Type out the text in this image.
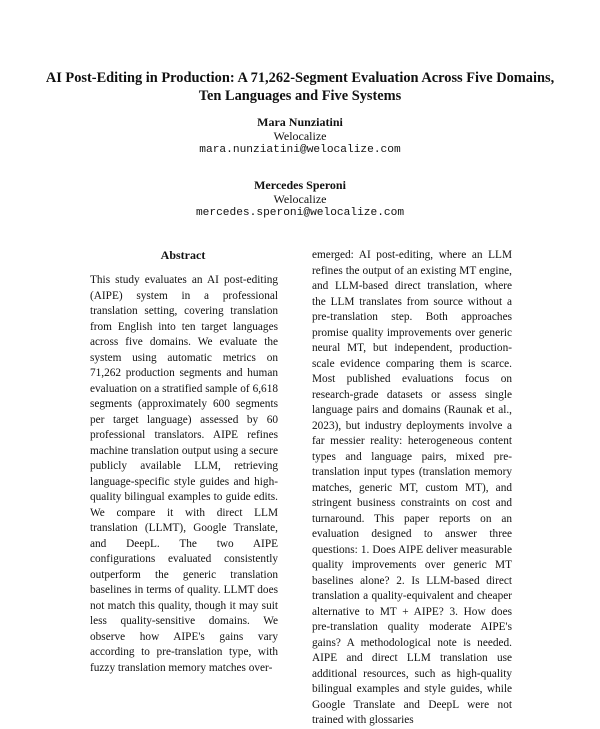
AI Post-Editing in Production: A 71,262-Segment Evaluation Across Five Domains, Ten Languages and Five Systems
Mara Nunziatini
Welocalize
mara.nunziatini@welocalize.com
Mercedes Speroni
Welocalize
mercedes.speroni@welocalize.com
Abstract
This study evaluates an AI post-editing (AIPE) system in a professional translation setting, covering translation from English into ten target languages across five domains. We evaluate the system using automatic metrics on 71,262 production segments and human evaluation on a stratified sample of 6,618 segments (approximately 600 segments per target language) assessed by 60 professional translators. AIPE refines machine translation output using a secure publicly available LLM, retrieving language-specific style guides and high-quality bilingual examples to guide edits. We compare it with direct LLM translation (LLMT), Google Translate, and DeepL. The two AIPE configurations evaluated consistently outperform the generic translation baselines in terms of quality. LLMT does not match this quality, though it may suit less quality-sensitive domains. We observe how AIPE's gains vary according to pre-translation type, with fuzzy translation memory matches over-
emerged: AI post-editing, where an LLM refines the output of an existing MT engine, and LLM-based direct translation, where the LLM translates from source without a pre-translation step. Both approaches promise quality improvements over generic neural MT, but independent, production-scale evidence comparing them is scarce. Most published evaluations focus on research-grade datasets or assess single language pairs and domains (Raunak et al., 2023), but industry deployments involve a far messier reality: heterogeneous content types and language pairs, mixed pre-translation input types (translation memory matches, generic MT, custom MT), and stringent business constraints on cost and turnaround. This paper reports on an evaluation designed to answer three questions: 1. Does AIPE deliver measurable quality improvements over generic MT baselines alone? 2. Is LLM-based direct translation a quality-equivalent and cheaper alternative to MT + AIPE? 3. How does pre-translation quality moderate AIPE's gains? A methodological note is needed. AIPE and direct LLM translation use additional resources, such as high-quality bilingual examples and style guides, while Google Translate and DeepL were not trained with glossaries
